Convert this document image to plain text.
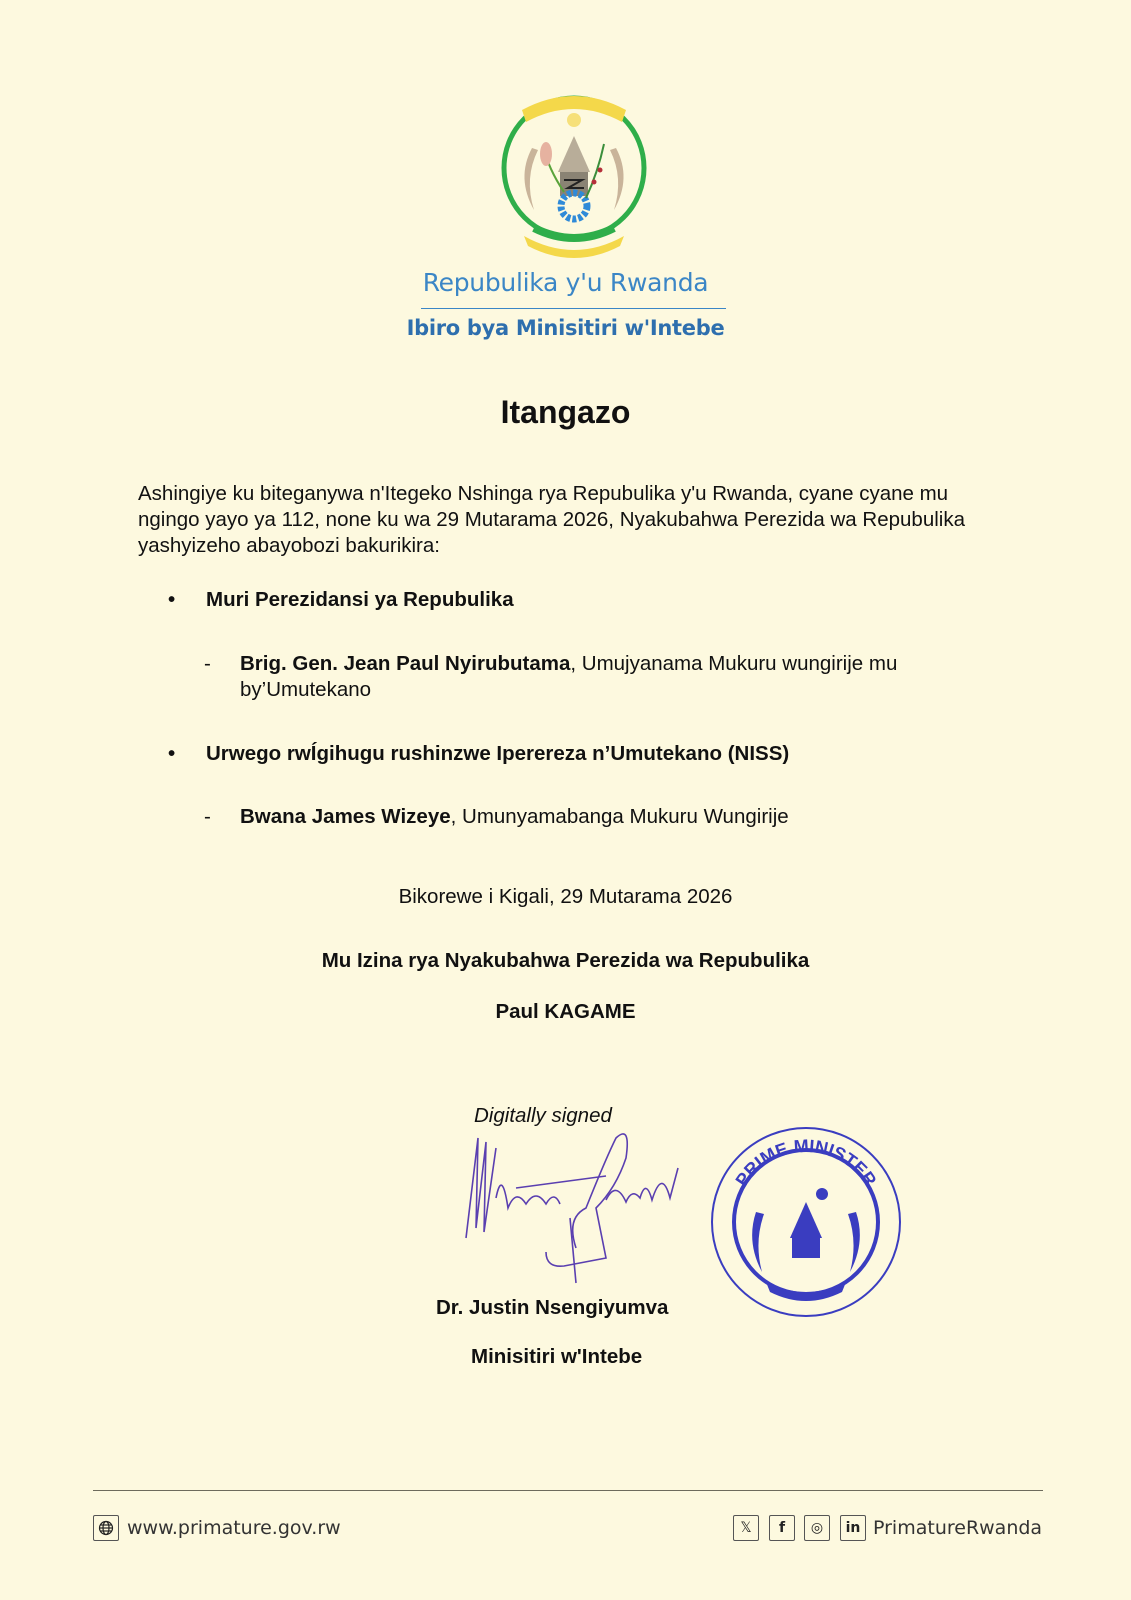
Repubulika y'u Rwanda
Ibiro bya Minisitiri w'Intebe
Itangazo
Ashingiye ku biteganywa n'Itegeko Nshinga rya Repubulika y'u Rwanda, cyane cyane mu ngingo yayo ya 112, none ku wa 29 Mutarama 2026, Nyakubahwa Perezida wa Repubulika yashyizeho abayobozi bakurikira:
• Muri Perezidansi ya Repubulika
- Brig. Gen. Jean Paul Nyirubutama, Umujyanama Mukuru wungirije mu by’Umutekano
• Urwego rwÍgihugu rushinzwe Iperereza n’Umutekano (NISS)
- Bwana James Wizeye, Umunyamabanga Mukuru Wungirije
Bikorewe i Kigali, 29 Mutarama 2026
Mu Izina rya Nyakubahwa Perezida wa Repubulika
Paul KAGAME
Digitally signed
PRIME MINISTER
Dr. Justin Nsengiyumva
Minisitiri w'Intebe
www.primature.gov.rw	𝕏	f	◎	in PrimatureRwanda
